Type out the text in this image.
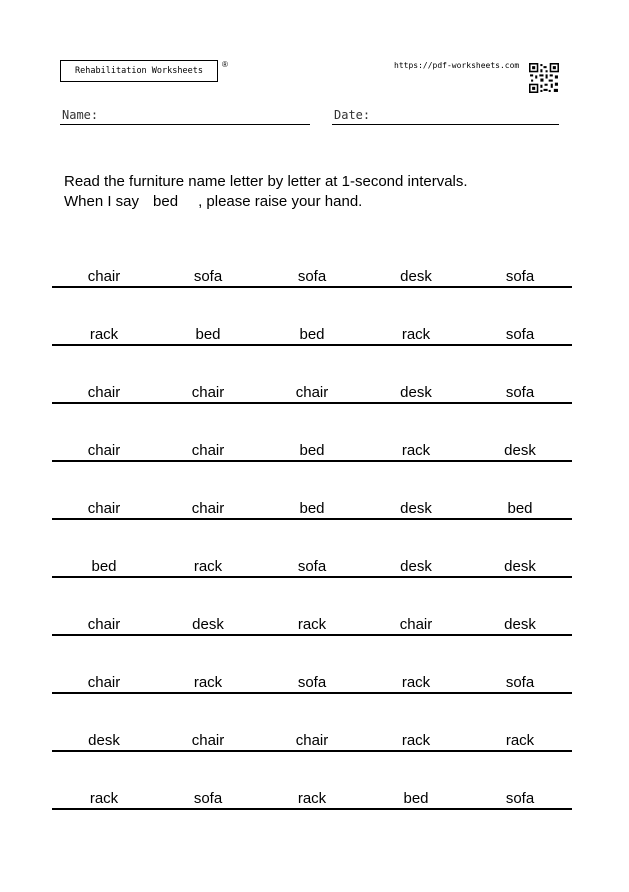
Rehabilitation Worksheets
®	https://pdf-worksheets.com
Name:	Date:
Read the furniture name letter by letter at 1-second intervals.
When I say bed , please raise your hand.
chair	sofa	sofa	desk	sofa
rack	bed	bed	rack	sofa
chair	chair	chair	desk	sofa
chair	chair	bed	rack	desk
chair	chair	bed	desk	bed
bed	rack	sofa	desk	desk
chair	desk	rack	chair	desk
chair	rack	sofa	rack	sofa
desk	chair	chair	rack	rack
rack	sofa	rack	bed	sofa
